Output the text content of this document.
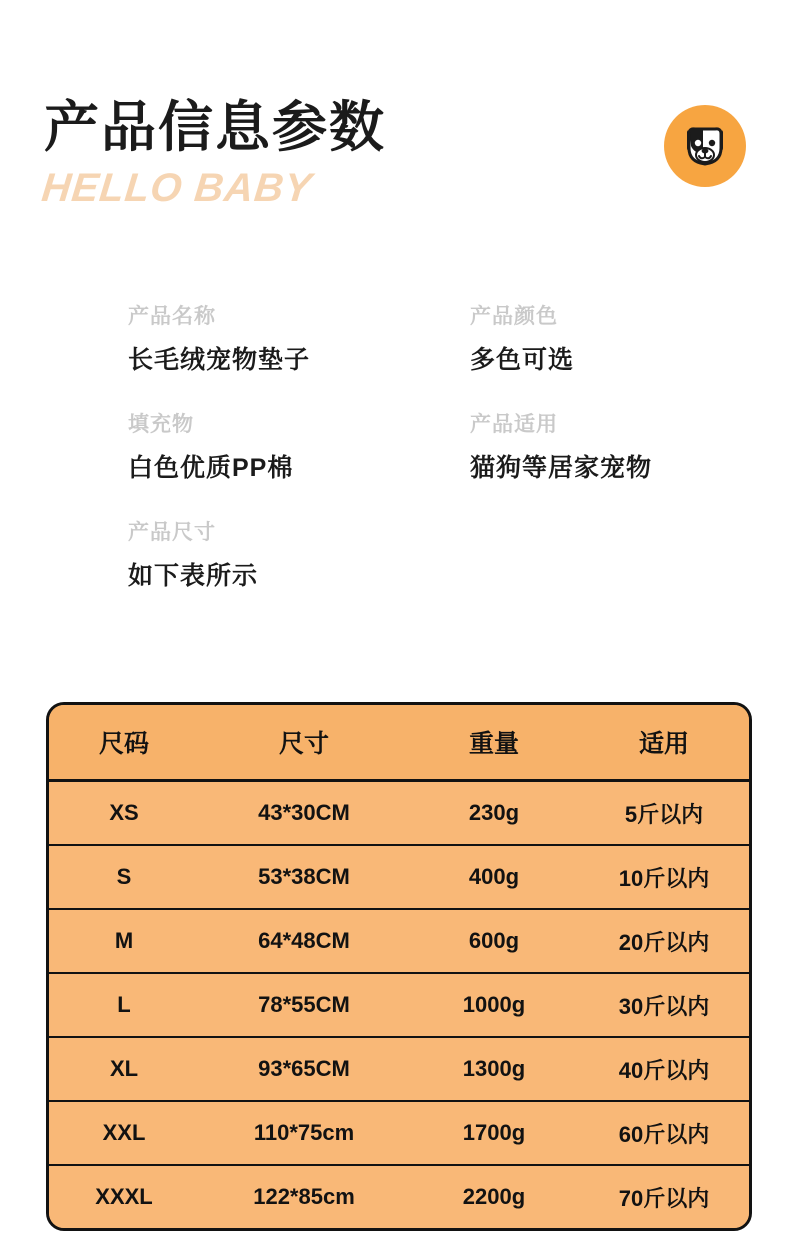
产品信息参数
HELLO BABY
产品名称
长毛绒宠物垫子
产品颜色
多色可选
填充物
白色优质PP棉
产品适用
猫狗等居家宠物
产品尺寸
如下表所示
尺码	尺寸	重量	适用
XS	43*30CM	230g	5斤以内
S	53*38CM	400g	10斤以内
M	64*48CM	600g	20斤以内
L	78*55CM	1000g	30斤以内
XL	93*65CM	1300g	40斤以内
XXL	110*75cm	1700g	60斤以内
XXXL	122*85cm	2200g	70斤以内
